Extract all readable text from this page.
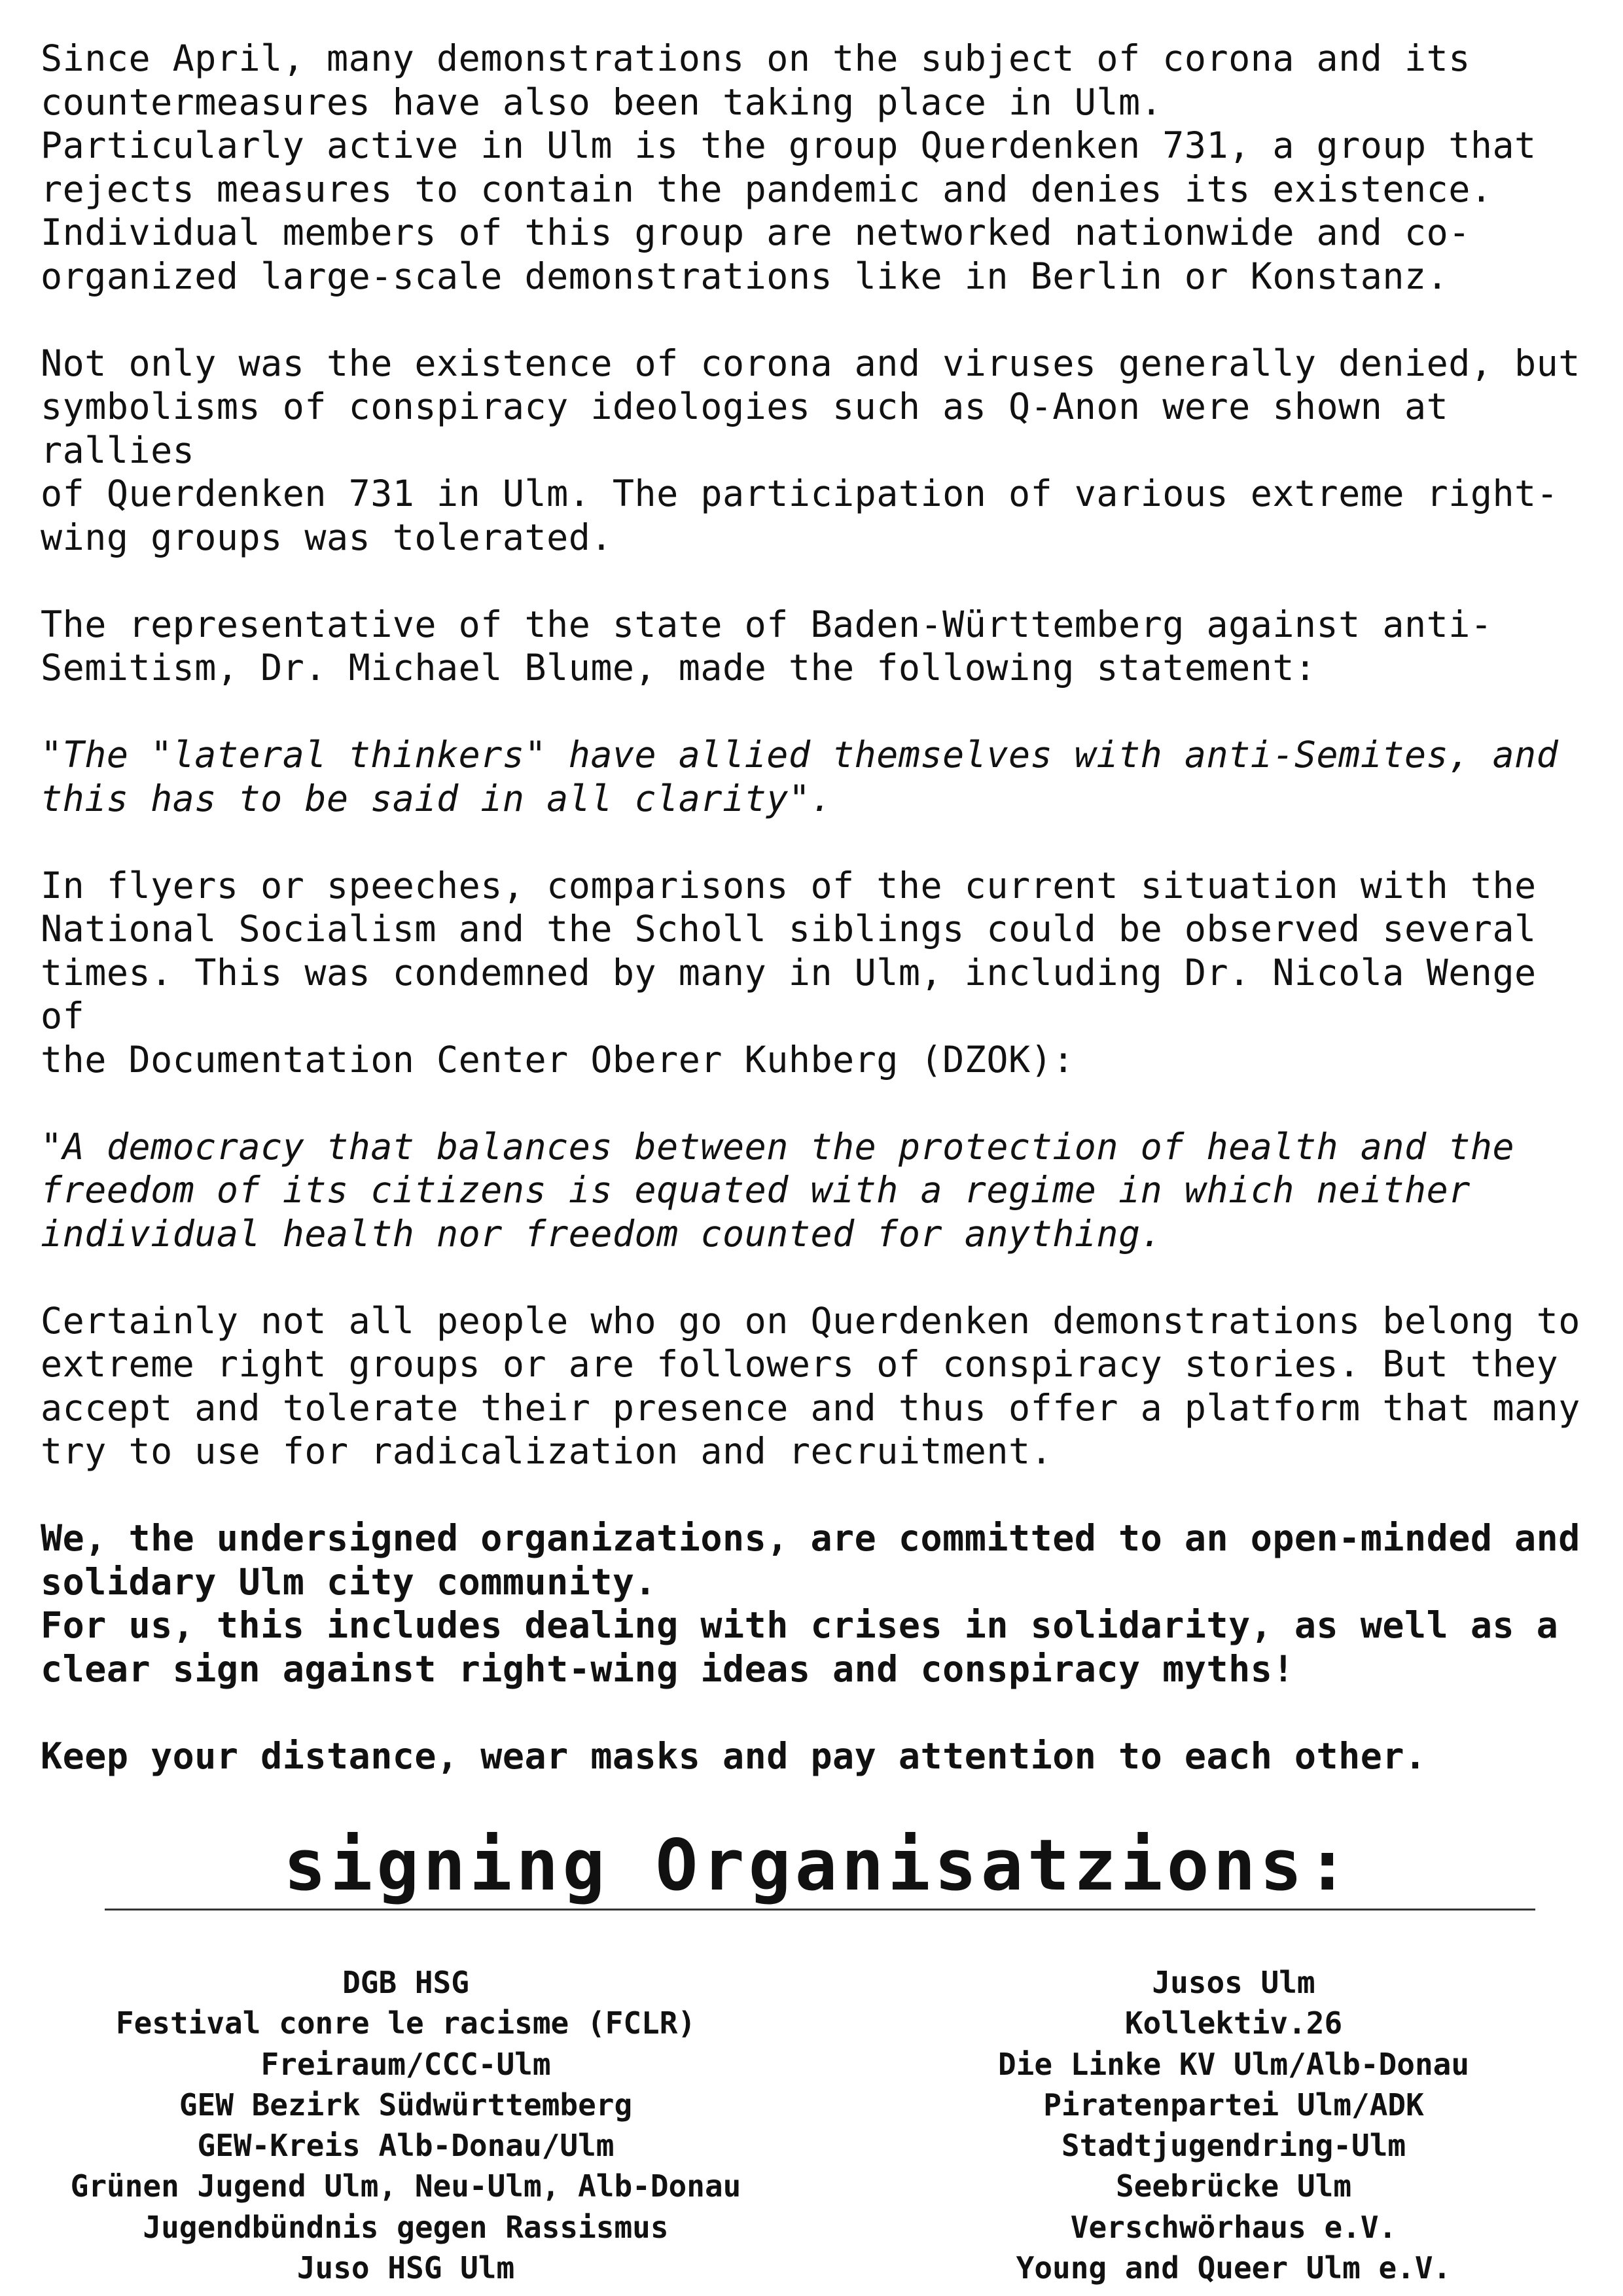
Since April, many demonstrations on the subject of corona and its
countermeasures have also been taking place in Ulm.
Particularly active in Ulm is the group Querdenken 731, a group that
rejects measures to contain the pandemic and denies its existence.
Individual members of this group are networked nationwide and co-
organized large-scale demonstrations like in Berlin or Konstanz.

Not only was the existence of corona and viruses generally denied, but
symbolisms of conspiracy ideologies such as Q-Anon were shown at rallies
of Querdenken 731 in Ulm. The participation of various extreme right-
wing groups was tolerated.

The representative of the state of Baden-Württemberg against anti-
Semitism, Dr. Michael Blume, made the following statement:

"The "lateral thinkers" have allied themselves with anti-Semites, and
this has to be said in all clarity".

In flyers or speeches, comparisons of the current situation with the
National Socialism and the Scholl siblings could be observed several
times. This was condemned by many in Ulm, including Dr. Nicola Wenge of
the Documentation Center Oberer Kuhberg (DZOK):

"A democracy that balances between the protection of health and the
freedom of its citizens is equated with a regime in which neither
individual health nor freedom counted for anything.

Certainly not all people who go on Querdenken demonstrations belong to
extreme right groups or are followers of conspiracy stories. But they
accept and tolerate their presence and thus offer a platform that many
try to use for radicalization and recruitment.

We, the undersigned organizations, are committed to an open-minded and
solidary Ulm city community.
For us, this includes dealing with crises in solidarity, as well as a
clear sign against right-wing ideas and conspiracy myths!

Keep your distance, wear masks and pay attention to each other.

signing Organisatzions:
DGB HSG
Festival conre le racisme (FCLR)
Freiraum/CCC-Ulm
GEW Bezirk Südwürttemberg
GEW-Kreis Alb-Donau/Ulm
Grünen Jugend Ulm, Neu-Ulm, Alb-Donau
Jugendbündnis gegen Rassismus
Juso HSG Ulm
Jusos Ulm
Kollektiv.26
Die Linke KV Ulm/Alb-Donau
Piratenpartei Ulm/ADK
Stadtjugendring-Ulm
Seebrücke Ulm
Verschwörhaus e.V.
Young and Queer Ulm e.V.
